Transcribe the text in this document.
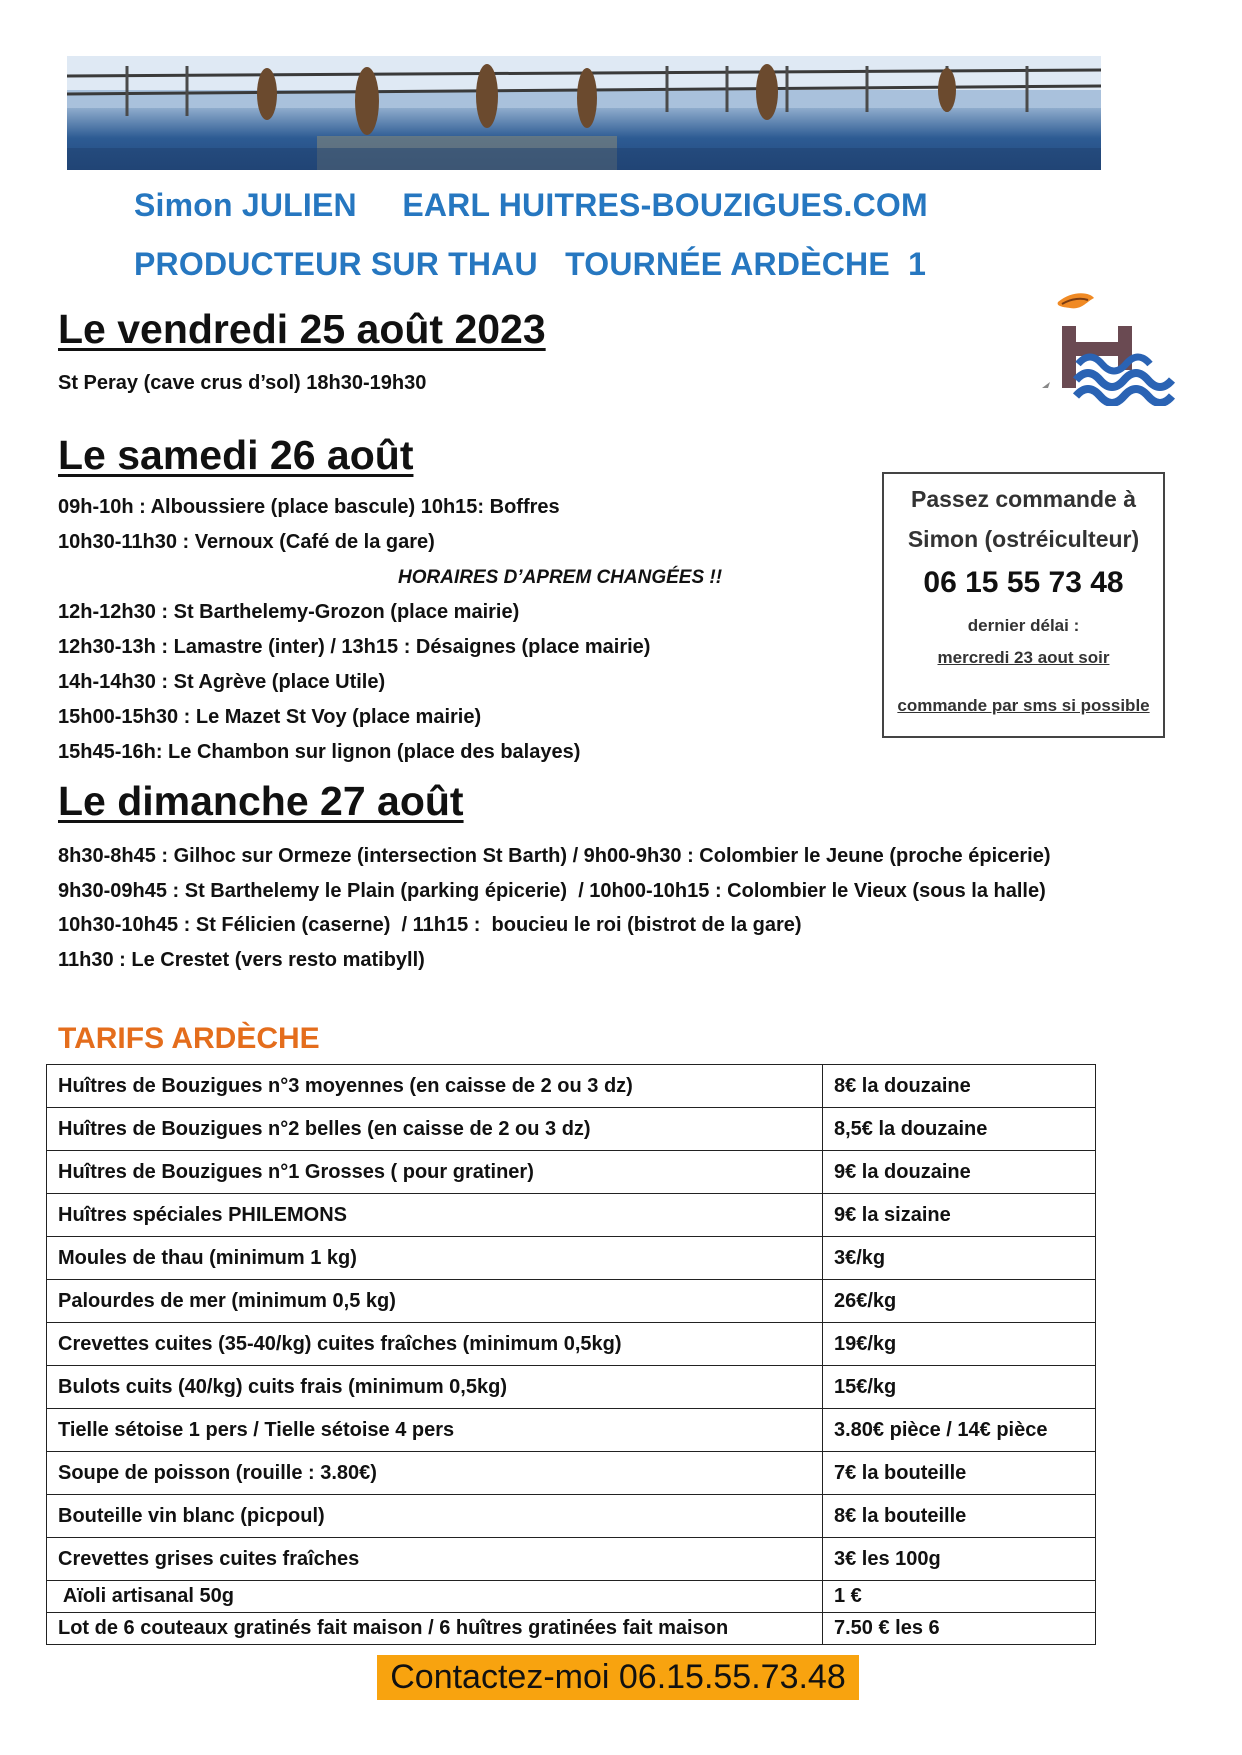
Simon JULIEN     EARL HUITRES-BOUZIGUES.COM
PRODUCTEUR SUR THAU   TOURNÉE ARDÈCHE  1
Le vendredi 25 août 2023
St Peray (cave crus d’sol) 18h30-19h30
Le samedi 26 août
09h-10h : Alboussiere (place bascule) 10h15: Boffres
10h30-11h30 : Vernoux (Café de la gare)
HORAIRES D’APREM CHANGÉES !!
12h-12h30 : St Barthelemy-Grozon (place mairie)
12h30-13h : Lamastre (inter) / 13h15 : Désaignes (place mairie)
14h-14h30 : St Agrève (place Utile)
15h00-15h30 : Le Mazet St Voy (place mairie)
15h45-16h: Le Chambon sur lignon (place des balayes)
Passez commande à
Simon (ostréiculteur)
06 15 55 73 48
dernier délai :
mercredi 23 aout soir
commande par sms si possible
Le dimanche 27 août
8h30-8h45 : Gilhoc sur Ormeze (intersection St Barth) / 9h00-9h30 : Colombier le Jeune (proche épicerie)
9h30-09h45 : St Barthelemy le Plain (parking épicerie)  / 10h00-10h15 : Colombier le Vieux (sous la halle)
10h30-10h45 : St Félicien (caserne)  / 11h15 :  boucieu le roi (bistrot de la gare)
11h30 : Le Crestet (vers resto matibyll)
TARIFS ARDÈCHE
Huîtres de Bouzigues n°3 moyennes (en caisse de 2 ou 3 dz)	8€ la douzaine
Huîtres de Bouzigues n°2 belles (en caisse de 2 ou 3 dz)	8,5€ la douzaine
Huîtres de Bouzigues n°1 Grosses ( pour gratiner)	9€ la douzaine
Huîtres spéciales PHILEMONS	9€ la sizaine
Moules de thau (minimum 1 kg)	3€/kg
Palourdes de mer (minimum 0,5 kg)	26€/kg
Crevettes cuites (35-40/kg) cuites fraîches (minimum 0,5kg)	19€/kg
Bulots cuits (40/kg) cuits frais (minimum 0,5kg)	15€/kg
Tielle sétoise 1 pers / Tielle sétoise 4 pers	3.80€ pièce / 14€ pièce
Soupe de poisson (rouille : 3.80€)	7€ la bouteille
Bouteille vin blanc (picpoul)	8€ la bouteille
Crevettes grises cuites fraîches	3€ les 100g
Aïoli artisanal 50g	1 €
Lot de 6 couteaux gratinés fait maison / 6 huîtres gratinées fait maison	7.50 € les 6
Contactez-moi 06.15.55.73.48
